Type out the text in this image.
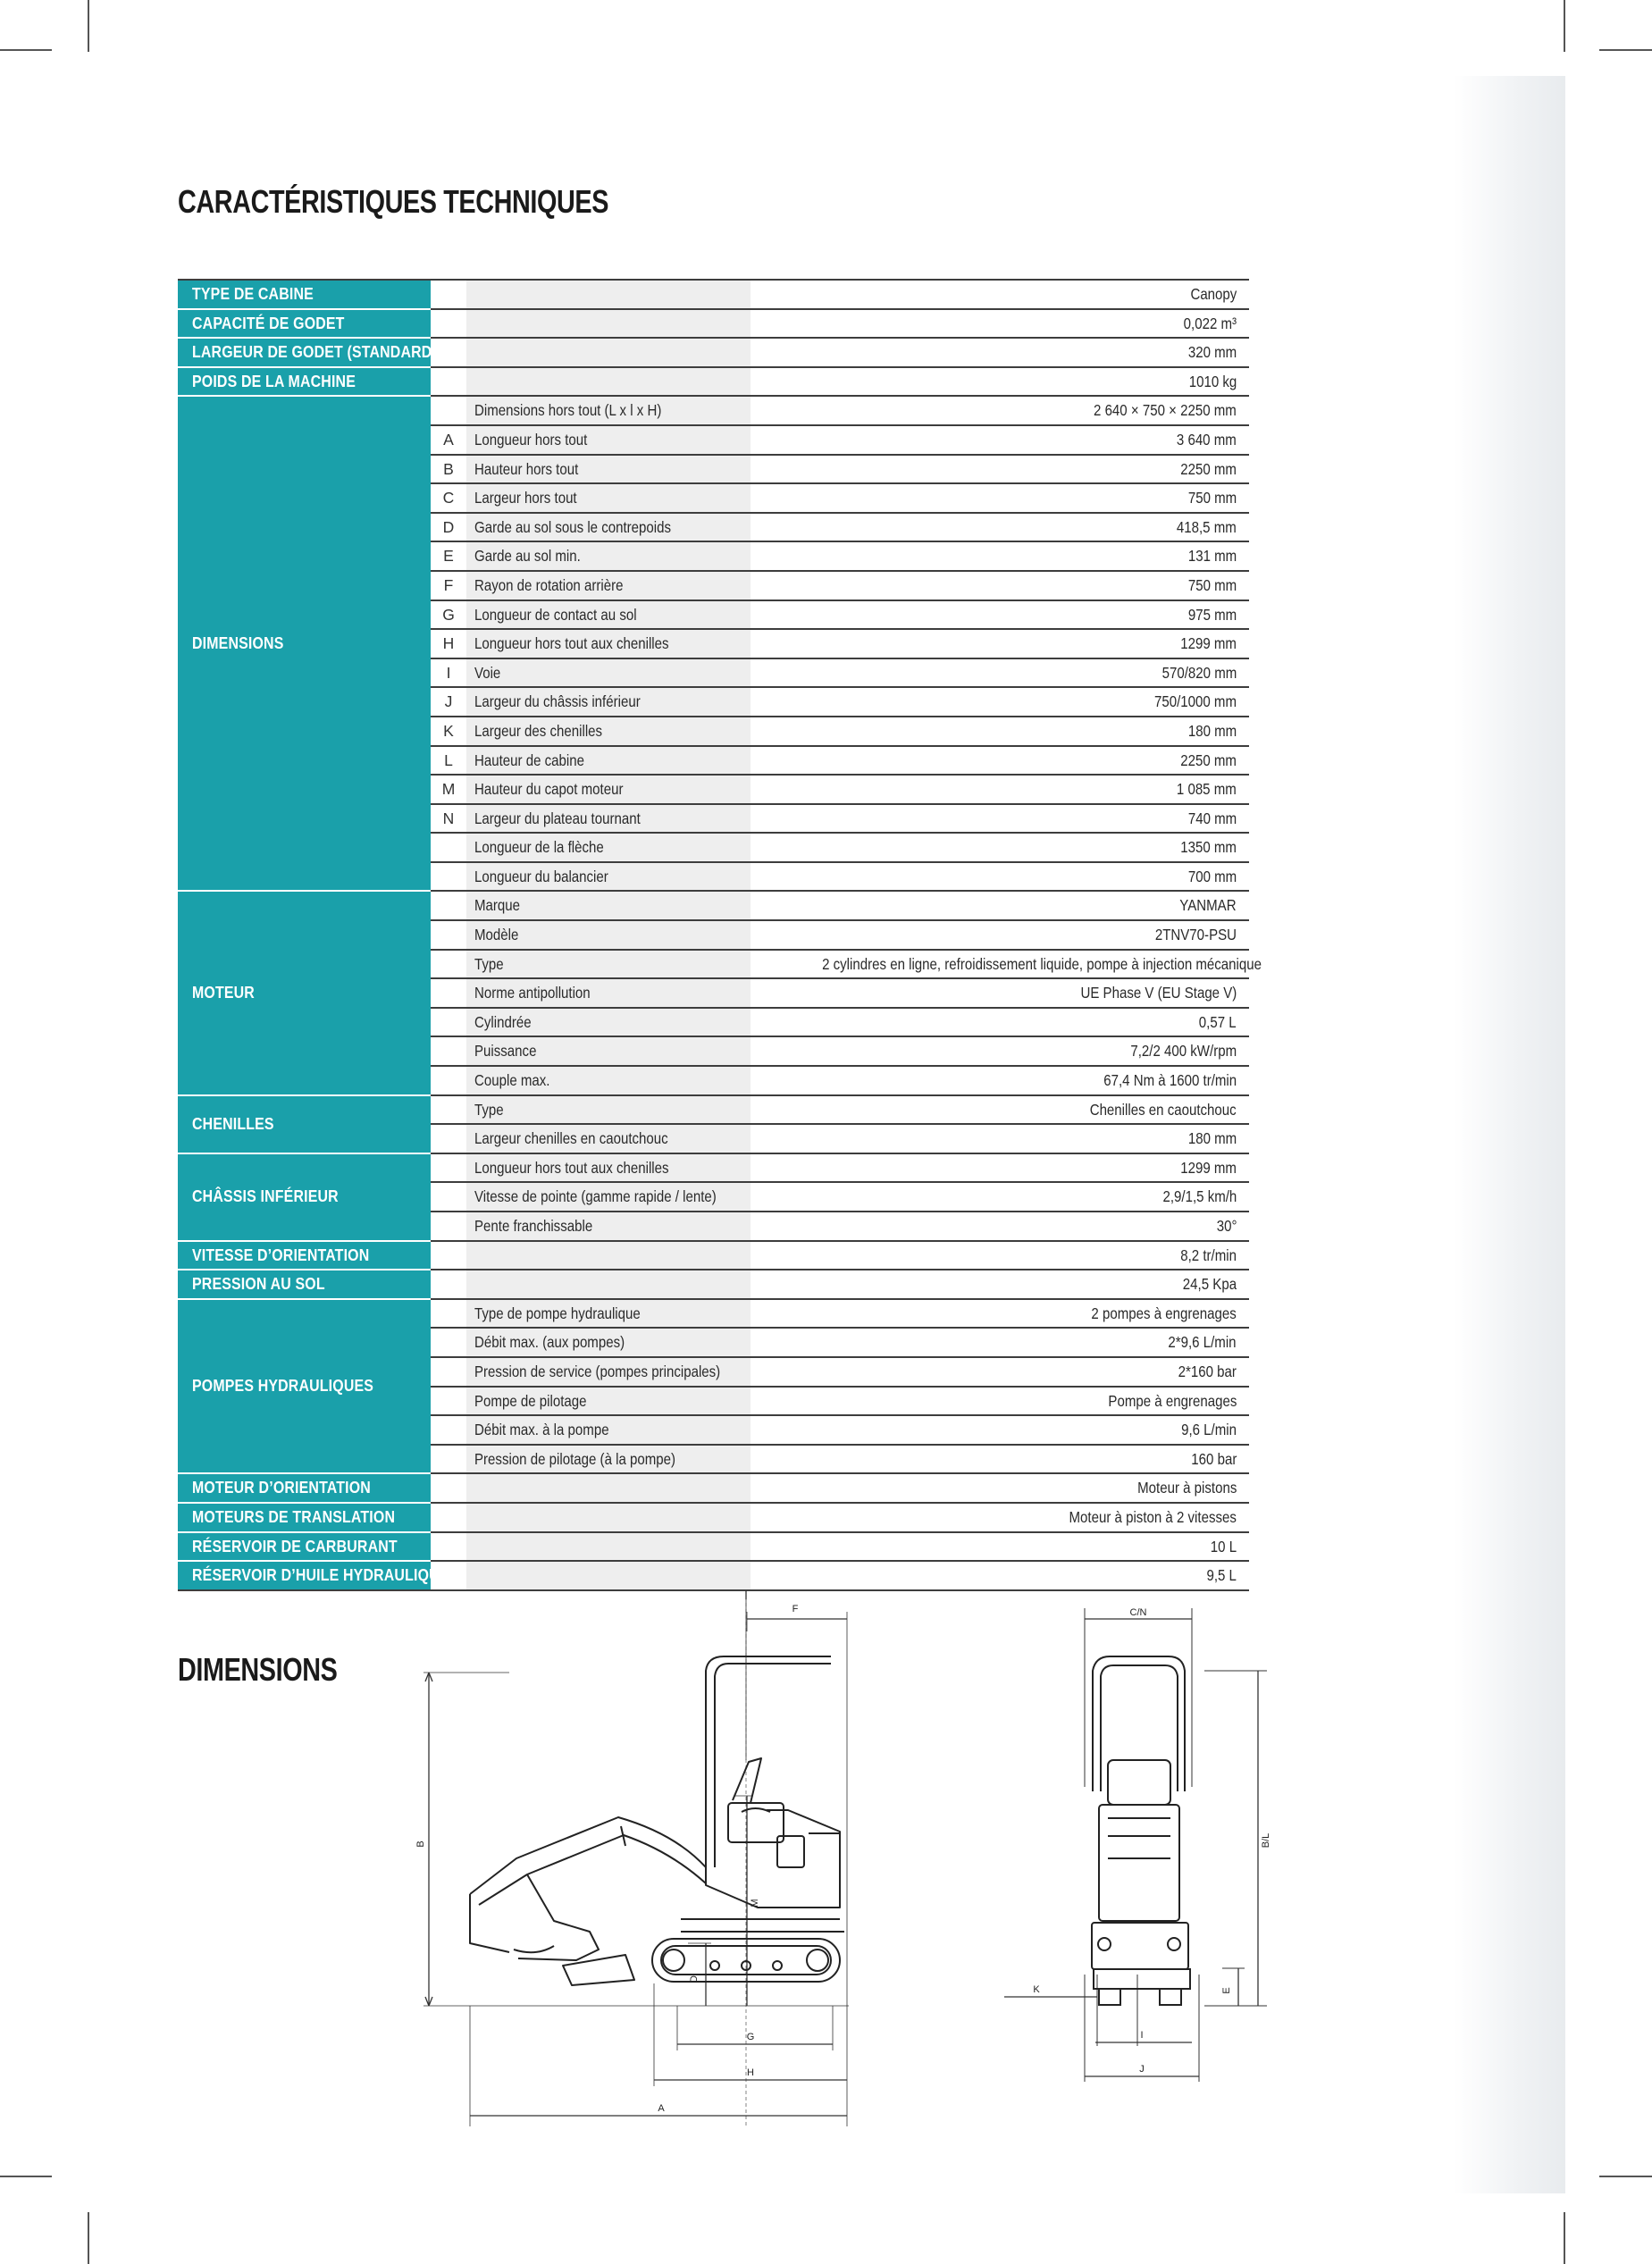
CARACTÉRISTIQUES TECHNIQUES
TYPE DE CABINE			Canopy
CAPACITÉ DE GODET			0,022 m³
LARGEUR DE GODET (STANDARD)			320 mm
POIDS DE LA MACHINE			1010 kg
DIMENSIONS		Dimensions hors tout (L x l x H)	2 640 × 750 × 2250 mm
	A	Longueur hors tout	3 640 mm
	B	Hauteur hors tout	2250 mm
	C	Largeur hors tout	750 mm
	D	Garde au sol sous le contrepoids	418,5 mm
	E	Garde au sol min.	131 mm
	F	Rayon de rotation arrière	750 mm
	G	Longueur de contact au sol	975 mm
	H	Longueur hors tout aux chenilles	1299 mm
	I	Voie	570/820 mm
	J	Largeur du châssis inférieur	750/1000 mm
	K	Largeur des chenilles	180 mm
	L	Hauteur de cabine	2250 mm
	M	Hauteur du capot moteur	1 085 mm
	N	Largeur du plateau tournant	740 mm
		Longueur de la flèche	1350 mm
		Longueur du balancier	700 mm
MOTEUR		Marque	YANMAR
		Modèle	2TNV70-PSU
		Type	2 cylindres en ligne, refroidissement liquide, pompe à injection mécanique
		Norme antipollution	UE Phase V (EU Stage V)
		Cylindrée	0,57 L
		Puissance	7,2/2 400 kW/rpm
		Couple max.	67,4 Nm à 1600 tr/min
CHENILLES		Type	Chenilles en caoutchouc
		Largeur chenilles en caoutchouc	180 mm
CHÂSSIS INFÉRIEUR		Longueur hors tout aux chenilles	1299 mm
		Vitesse de pointe (gamme rapide / lente)	2,9/1,5 km/h
		Pente franchissable	30°
VITESSE D’ORIENTATION			8,2 tr/min
PRESSION AU SOL			24,5 Kpa
POMPES HYDRAULIQUES		Type de pompe hydraulique	2 pompes à engrenages
		Débit max. (aux pompes)	2*9,6 L/min
		Pression de service (pompes principales)	2*160 bar
		Pompe de pilotage	Pompe à engrenages
		Débit max. à la pompe	9,6 L/min
		Pression de pilotage (à la pompe)	160 bar
MOTEUR D’ORIENTATION			Moteur à pistons
MOTEURS DE TRANSLATION			Moteur à piston à 2 vitesses
RÉSERVOIR DE CARBURANT			10 L
RÉSERVOIR D’HUILE HYDRAULIQUE			9,5 L
DIMENSIONS
F
B
M
D
G
H
A
C/N
B/L
K	E
I
J
